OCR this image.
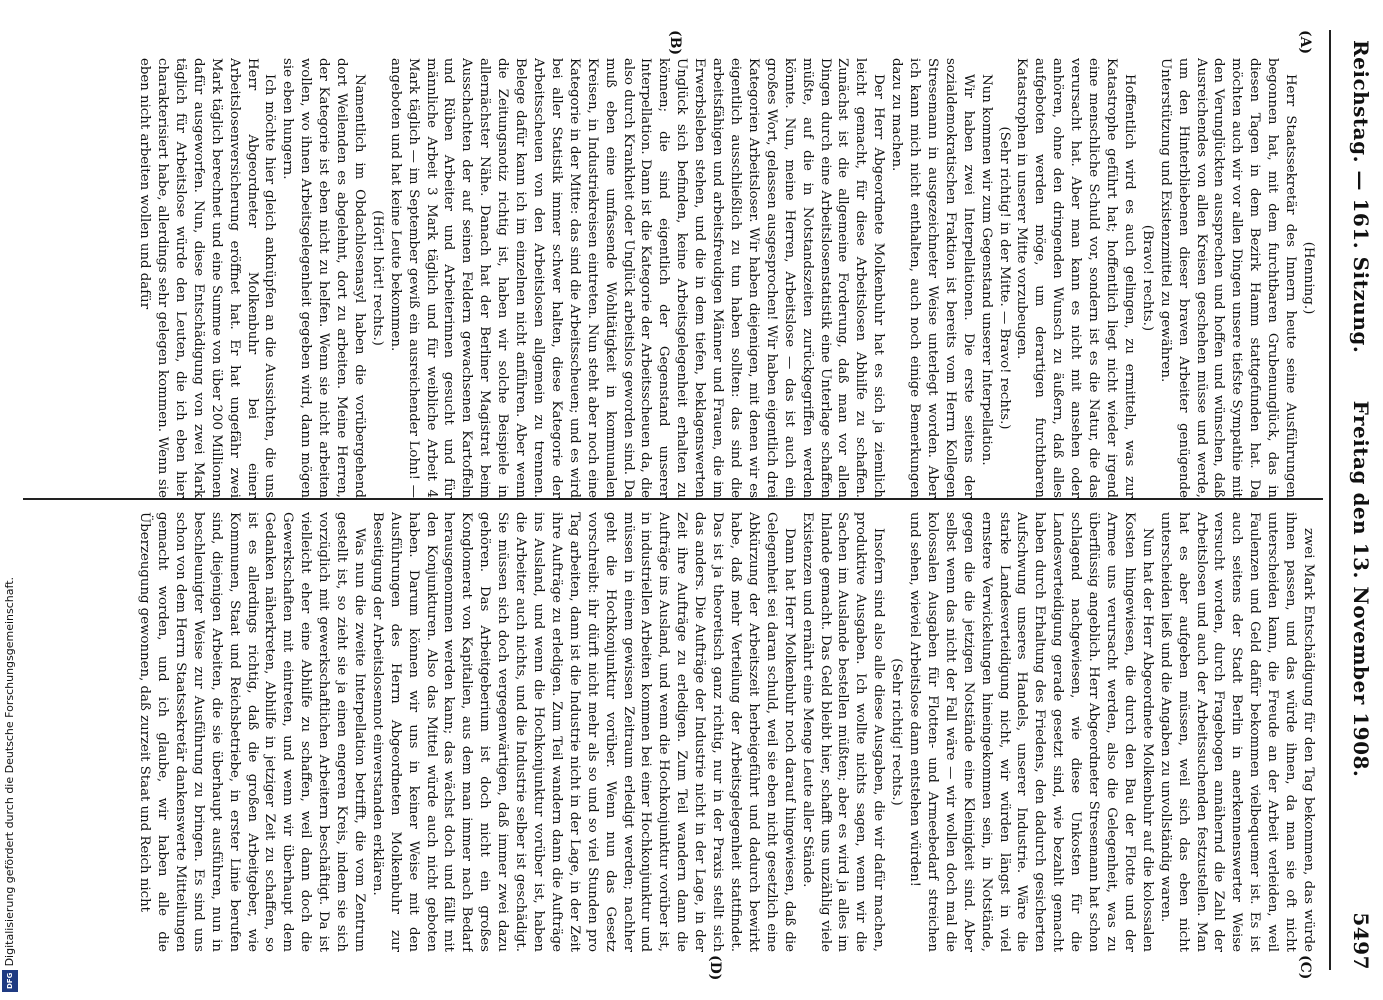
Reichstag. — 161. Sitzung.
Freitag den 13. November 1908.  5497
(A)
(B)
(C)
(D)

(Henning.)

Herr Staatssekretär des Innern heute seine Ausführungen begonnen hat, mit dem furchtbaren Grubenunglück, das in diesen Tagen in dem Bezirk Hamm stattgefunden hat. Da möchten auch wir vor allen Dingen unsere tiefste Sympathie mit den Verunglückten aussprechen und hoffen und wünschen, daß Ausreichendes von allen Kreisen geschehen müsse und werde, um den Hinterbliebenen dieser braven Arbeiter genügende Unterstützung und Existenzmittel zu gewähren.

(Bravo! rechts.)

Hoffentlich wird es auch gelingen, zu ermitteln, was zur Katastrophe geführt hat; hoffentlich liegt nicht wieder irgend eine menschliche Schuld vor, sondern ist es die Natur, die das verursacht hat. Aber man kann es nicht mit ansehen oder anhören, ohne den dringenden Wunsch zu äußern, daß alles aufgeboten werden möge, um derartigen furchtbaren Katastrophen in unserer Mitte vorzubeugen.

(Sehr richtig! in der Mitte. — Bravo! rechts.)

Nun kommen wir zum Gegenstand unserer Interpellation.

Wir haben zwei Interpellationen. Die erste seitens der sozialdemokratischen Fraktion ist bereits vom Herrn Kollegen Stresemann in ausgezeichneter Weise unterlegt worden. Aber ich kann mich nicht enthalten, auch noch einige Bemerkungen dazu zu machen.

Der Herr Abgeordnete Molkenbuhr hat es sich ja ziemlich leicht gemacht, für diese Arbeitslosen Abhilfe zu schaffen. Zunächst ist die allgemeine Forderung, daß man vor allen Dingen durch eine Arbeitslosenstatistik eine Unterlage schaffen müßte, auf die in Notstandszeiten zurückgegriffen werden könnte. Nun, meine Herren, Arbeitslose — das ist auch ein großes Wort, gelassen ausgesprochen! Wir haben eigentlich drei Kategorien Arbeitsloser. Wir haben diejenigen, mit denen wir es eigentlich ausschließlich zu tun haben sollten: das sind die arbeitsfähigen und arbeitsfreudigen Männer und Frauen, die im Erwerbsleben stehen, und die in dem tiefen, beklagenswerten Unglück sich befinden, keine Arbeitsgelegenheit erhalten zu können; die sind eigentlich der Gegenstand unserer Interpellation. Dann ist die Kategorie der Arbeitsscheuen da, die also durch Krankheit oder Unglück arbeitslos geworden sind. Da muß eben eine umfassende Wohltätigkeit in kommunalen Kreisen, in Industriekreisen eintreten. Nun steht aber noch eine Kategorie in der Mitte: das sind die Arbeitsscheuen; und es wird bei aller Statistik immer schwer halten, diese Kategorie der Arbeitsscheuen von den Arbeitslosen allgemein zu trennen. Belege dafür kann ich im einzelnen nicht anführen. Aber wenn die Zeitungsnotiz richtig ist, haben wir solche Beispiele in allernächster Nähe. Danach hat der Berliner Magistrat beim Ausschachten der auf seinen Feldern gewachsenen Kartoffeln und Rüben Arbeiter und Arbeiterinnen gesucht und für männliche Arbeit 3 Mark täglich und für weibliche Arbeit 4 Mark täglich — im September gewiß ein ausreichender Lohn! — angeboten und hat keine Leute bekommen.

(Hört! hört! rechts.)

Namentlich im Obdachlosenasyl haben die vorübergehend dort Weilenden es abgelehnt, dort zu arbeiten. Meine Herren, der Kategorie ist eben nicht zu helfen. Wenn sie nicht arbeiten wollen, wo ihnen Arbeitsgelegenheit gegeben wird, dann mögen sie eben hungern.

Ich möchte hier gleich anknüpfen an die Aussichten, die uns Herr Abgeordneter Molkenbuhr bei einer Arbeitslosenversicherung eröffnet hat. Er hat ungefähr zwei Mark täglich berechnet und eine Summe von über 200 Millionen dafür ausgeworfen. Nun, diese Entschädigung von zwei Mark täglich für Arbeitslose würde den Leuten, die ich eben hier charakterisiert habe, allerdings sehr gelegen kommen. Wenn sie eben nicht arbeiten wollen und dafür

zwei Mark Entschädigung für den Tag bekommen, das würde ihnen passen, und das würde ihnen, da man sie oft nicht unterscheiden kann, die Freude an der Arbeit verleiden, weil Faulenzen und Geld dafür bekommen vielbequemer ist. Es ist auch seitens der Stadt Berlin in anerkennenswerter Weise versucht worden, durch Fragebogen annähernd die Zahl der Arbeitslosen und auch der Arbeitssuchenden festzustellen. Man hat es aber aufgeben müssen, weil sich das eben nicht unterscheiden ließ und die Angaben zu unvollständig waren.

Nun hat der Herr Abgeordnete Molkenbuhr auf die kolossalen Kosten hingewiesen, die durch den Bau der Flotte und der Armee uns verursacht werden, also die Gelegenheit, was zu überflüssig angeblich. Herr Abgeordneter Stresemann hat schon schlagend nachgewiesen, wie diese Unkosten für die Landesverteidigung gerade gesetzt sind, wie bezahlt gemacht haben durch Erhaltung des Friedens, den dadurch gesicherten Aufschwung unseres Handels, unserer Industrie. Wäre die starke Landesverteidigung nicht, wir würden längst in viel ernstere Verwickelungen hineingekommen sein, in Notstände, gegen die die jetzigen Notstände eine Kleinigkeit sind. Aber selbst wenn das nicht der Fall wäre — wir wollen doch mal die kolossalen Ausgaben für Flotten- und Armeebedarf streichen und sehen, wieviel Arbeitslose dann entstehen würden!

(Sehr richtig! rechts.)

Insofern sind also alle diese Ausgaben, die wir dafür machen, produktive Ausgaben. Ich wollte nichts sagen, wenn wir die Sachen im Auslande bestellen müßten; aber es wird ja alles im Inlande gemacht. Das Geld bleibt hier, schafft uns unzählig viele Existenzen und ernährt eine Menge Leute aller Stände.

Dann hat Herr Molkenbuhr noch darauf hingewiesen, daß die Gelegenheit sei daran schuld, weil sie eben nicht gesetzlich eine Abkürzung der Arbeitszeit herbeigeführt und dadurch bewirkt habe, daß mehr Verteilung der Arbeitsgelegenheit stattfindet. Das ist ja theoretisch ganz richtig, nur in der Praxis stellt sich das anders. Die Aufträge der Industrie nicht in der Lage, in der Zeit ihre Aufträge zu erledigen. Zum Teil wandern dann die Aufträge ins Ausland, und wenn die Hochkonjunktur vorüber ist, in industriellen Arbeiten kommen bei einer Hochkonjunktur und müssen in einem gewissen Zeitraum erledigt werden; nachher geht die Hochkonjunktur vorüber. Wenn nun das Gesetz vorschreibt: ihr dürft nicht mehr als so und so viel Stunden pro Tag arbeiten, dann ist die Industrie nicht in der Lage, in der Zeit ihre Aufträge zu erledigen. Zum Teil wandern dann die Aufträge ins Ausland, und wenn die Hochkonjunktur vorüber ist, haben die Arbeiter auch nichts, und die Industrie selber ist geschädigt. Sie müssen sich doch vergegenwärtigen, daß immer zwei dazu gehören. Das Arbeitgeberium ist doch nicht ein großes Konglomerat von Kapitalien, aus dem man immer nach Bedarf herausgenommen werden kann; das wächst doch und fällt mit den Konjunkturen. Also das Mittel würde auch nicht geboten haben. Darum können wir uns in keiner Weise mit den Ausführungen des Herrn Abgeordneten Molkenbuhr zur Beseitigung der Arbeitslosennot einverstanden erklären.

Was nun die zweite Interpellation betrifft, die vom Zentrum gestellt ist, so zieht sie ja einen engeren Kreis, indem sie sich vorzüglich mit gewerkschaftlichen Arbeitern beschäftigt. Da ist vielleicht eher eine Abhilfe zu schaffen, weil dann doch die Gewerkschaften mit eintreten, und wenn wir überhaupt dem Gedanken näherkreten, Abhilfe in jetziger Zeit zu schaffen, so ist es allerdings richtig, daß die großen Arbeitgeber, wie Kommunen, Staat und Reichsbetriebe, in erster Linie berufen sind, diejenigen Arbeiten, die sie überhaupt ausführen, nun in beschleunigter Weise zur Ausführung zu bringen. Es sind uns schon von dem Herrn Staatssekretär dankenswerte Mitteilungen gemacht worden, und ich glaube, wir haben alle die Überzeugung gewonnen, daß zurzeit Staat und Reich nicht

DFG
Digitalisierung gefördert durch die Deutsche Forschungsgemeinschaft.
